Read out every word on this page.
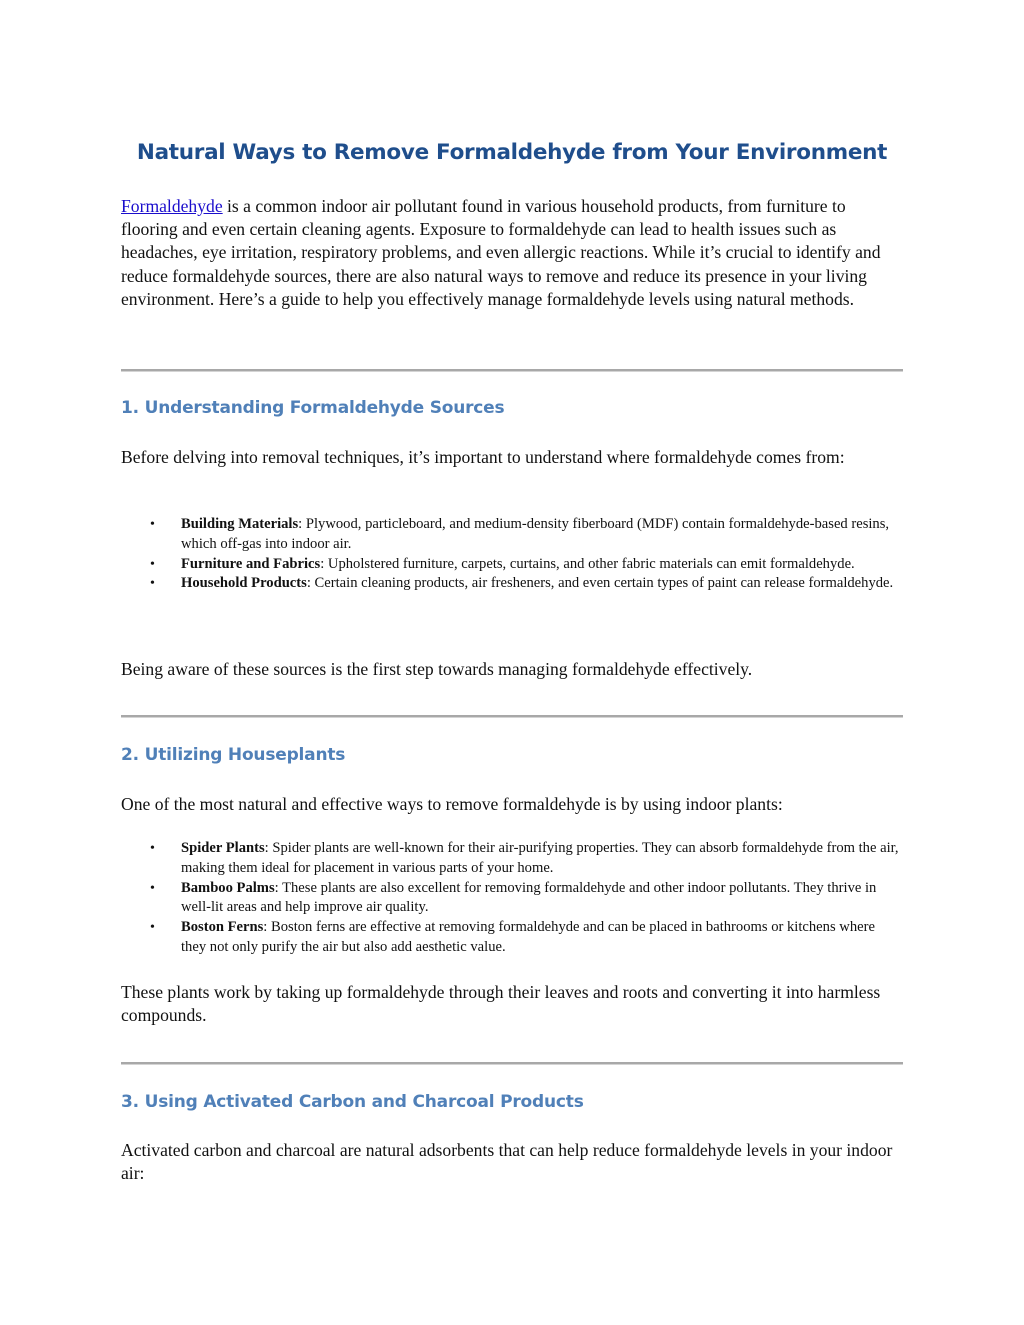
Natural Ways to Remove Formaldehyde from Your Environment

Formaldehyde is a common indoor air pollutant found in various household products, from furniture to flooring and even certain cleaning agents. Exposure to formaldehyde can lead to health issues such as headaches, eye irritation, respiratory problems, and even allergic reactions. While it’s crucial to identify and reduce formaldehyde sources, there are also natural ways to remove and reduce its presence in your living environment. Here’s a guide to help you effectively manage formaldehyde levels using natural methods.

1. Understanding Formaldehyde Sources

Before delving into removal techniques, it’s important to understand where formaldehyde comes from:

• Building Materials: Plywood, particleboard, and medium-density fiberboard (MDF) contain formaldehyde-based resins, which off-gas into indoor air.
• Furniture and Fabrics: Upholstered furniture, carpets, curtains, and other fabric materials can emit formaldehyde.
• Household Products: Certain cleaning products, air fresheners, and even certain types of paint can release formaldehyde.

Being aware of these sources is the first step towards managing formaldehyde effectively.

2. Utilizing Houseplants

One of the most natural and effective ways to remove formaldehyde is by using indoor plants:

• Spider Plants: Spider plants are well-known for their air-purifying properties. They can absorb formaldehyde from the air, making them ideal for placement in various parts of your home.
• Bamboo Palms: These plants are also excellent for removing formaldehyde and other indoor pollutants. They thrive in well-lit areas and help improve air quality.
• Boston Ferns: Boston ferns are effective at removing formaldehyde and can be placed in bathrooms or kitchens where they not only purify the air but also add aesthetic value.

These plants work by taking up formaldehyde through their leaves and roots and converting it into harmless compounds.

3. Using Activated Carbon and Charcoal Products

Activated carbon and charcoal are natural adsorbents that can help reduce formaldehyde levels in your indoor air:
